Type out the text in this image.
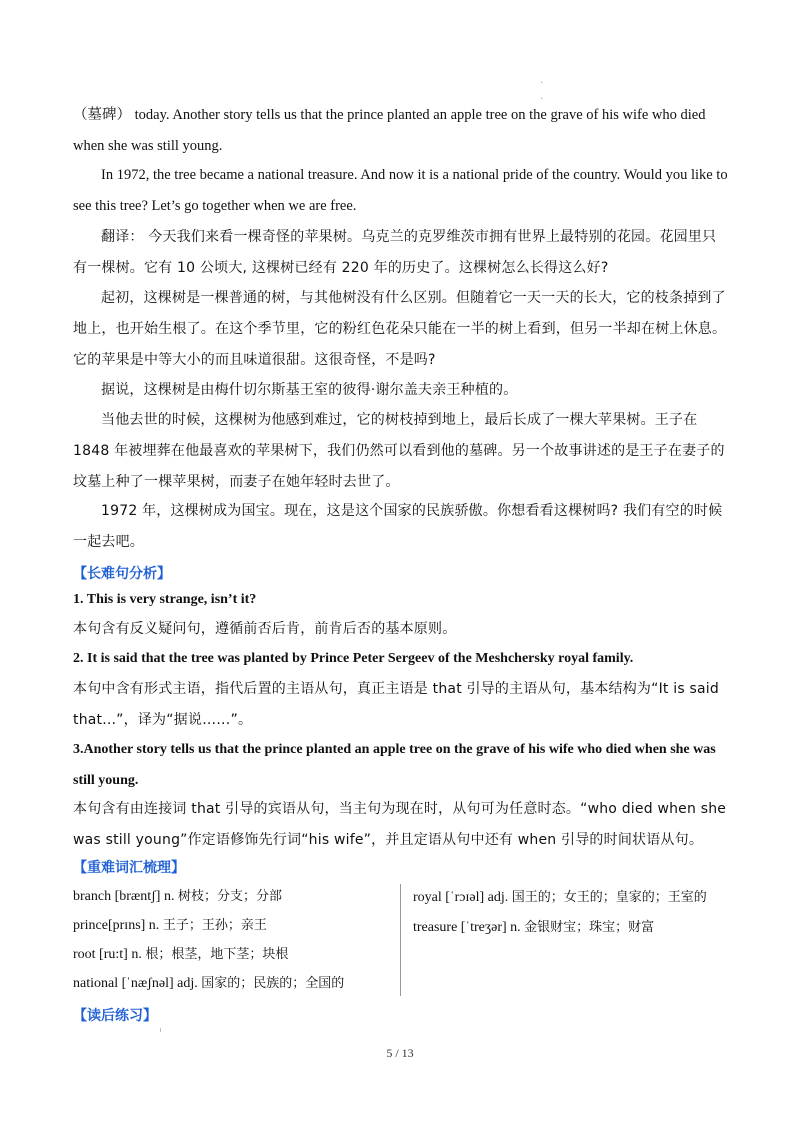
·
·

（墓碑） today. Another story tells us that the prince planted an apple tree on the grave of his wife who died when she was still young.

In 1972, the tree became a national treasure. And now it is a national pride of the country. Would you like to see this tree? Let’s go together when we are free.

翻译： 今天我们来看一棵奇怪的苹果树。乌克兰的克罗维茨市拥有世界上最特别的花园。花园里只有一棵树。它有 10 公顷大, 这棵树已经有 220 年的历史了。这棵树怎么长得这么好?

起初，这棵树是一棵普通的树，与其他树没有什么区别。但随着它一天一天的长大，它的枝条掉到了地上，也开始生根了。在这个季节里，它的粉红色花朵只能在一半的树上看到，但另一半却在树上休息。它的苹果是中等大小的而且味道很甜。这很奇怪，不是吗?

据说，这棵树是由梅什切尔斯基王室的彼得·谢尔盖夫亲王种植的。

当他去世的时候，这棵树为他感到难过，它的树枝掉到地上，最后长成了一棵大苹果树。王子在 1848 年被埋葬在他最喜欢的苹果树下，我们仍然可以看到他的墓碑。另一个故事讲述的是王子在妻子的坟墓上种了一棵苹果树，而妻子在她年轻时去世了。

1972 年，这棵树成为国宝。现在，这是这个国家的民族骄傲。你想看看这棵树吗? 我们有空的时候一起去吧。

【长难句分析】

1. This is very strange, isn’t it?

本句含有反义疑问句，遵循前否后肯，前肯后否的基本原则。

2. It is said that the tree was planted by Prince Peter Sergeev of the Meshchersky royal family.

本句中含有形式主语，指代后置的主语从句，真正主语是 that 引导的主语从句，基本结构为“It is said that...”，译为“据说……”。

3.Another story tells us that the prince planted an apple tree on the grave of his wife who died when she was still young.

本句含有由连接词 that 引导的宾语从句，当主句为现在时，从句可为任意时态。“who died when she was still young”作定语修饰先行词“his wife”，并且定语从句中还有 when 引导的时间状语从句。

【重难词汇梳理】
branch [bræntʃ] n. 树枝；分支；分部
prince[prɪns] n. 王子；王孙；亲王
root [ru:t] n. 根；根茎，地下茎；块根
national [ˈnæʃnəl] adj. 国家的；民族的；全国的
royal [ˈrɔɪəl] adj. 国王的；女王的；皇家的；王室的
treasure [ˈtreʒər] n. 金银财宝；珠宝；财富
【读后练习】
5 / 13
